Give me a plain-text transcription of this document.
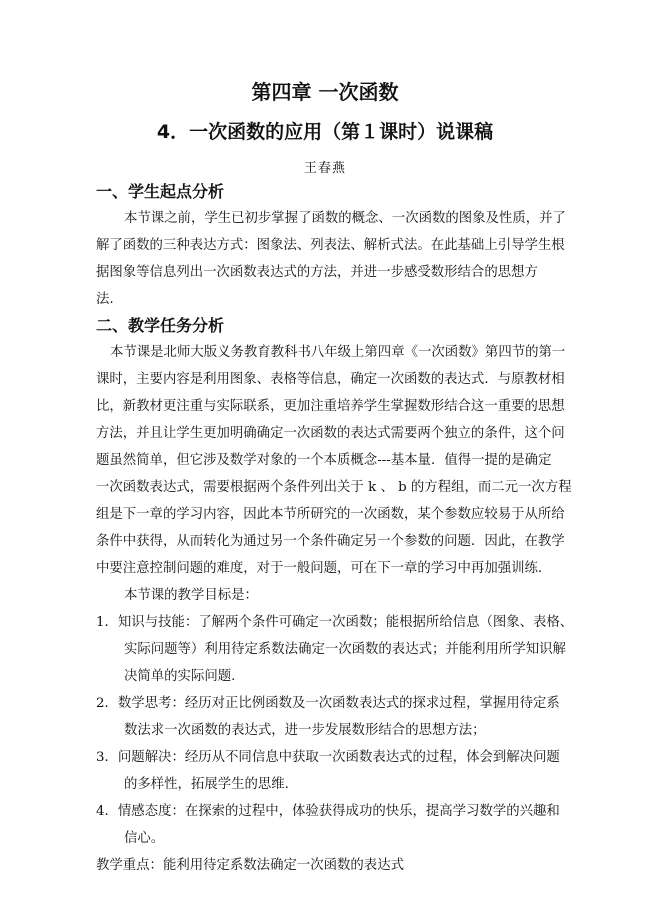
第四章 一次函数
4．一次函数的应用（第１课时）说课稿
王春燕
一、学生起点分析
本节课之前，学生已初步掌握了函数的概念、一次函数的图象及性质，并了
解了函数的三种表达方式：图象法、列表法、解析式法。在此基础上引导学生根
据图象等信息列出一次函数表达式的方法，并进一步感受数形结合的思想方
法.
二、教学任务分析
本节课是北师大版义务教育教科书八年级上第四章《一次函数》第四节的第一
课时，主要内容是利用图象、表格等信息，确定一次函数的表达式．与原教材相
比，新教材更注重与实际联系，更加注重培养学生掌握数形结合这一重要的思想
方法，并且让学生更加明确确定一次函数的表达式需要两个独立的条件，这个问
题虽然简单，但它涉及数学对象的一个本质概念---基本量．值得一提的是确定
一次函数表达式，需要根据两个条件列出关于 k 、 b 的方程组，而二元一次方程
组是下一章的学习内容，因此本节所研究的一次函数，某个参数应较易于从所给
条件中获得，从而转化为通过另一个条件确定另一个参数的问题．因此，在教学
中要注意控制问题的难度，对于一般问题，可在下一章的学习中再加强训练.
本节课的教学目标是：
1．知识与技能：了解两个条件可确定一次函数；能根据所给信息（图象、表格、
实际问题等）利用待定系数法确定一次函数的表达式；并能利用所学知识解
决简单的实际问题.
2．数学思考：经历对正比例函数及一次函数表达式的探求过程，掌握用待定系
数法求一次函数的表达式，进一步发展数形结合的思想方法；
3．问题解决：经历从不同信息中获取一次函数表达式的过程，体会到解决问题
的多样性，拓展学生的思维.
4．情感态度：在探索的过程中，体验获得成功的快乐，提高学习数学的兴趣和
信心。
教学重点：能利用待定系数法确定一次函数的表达式
